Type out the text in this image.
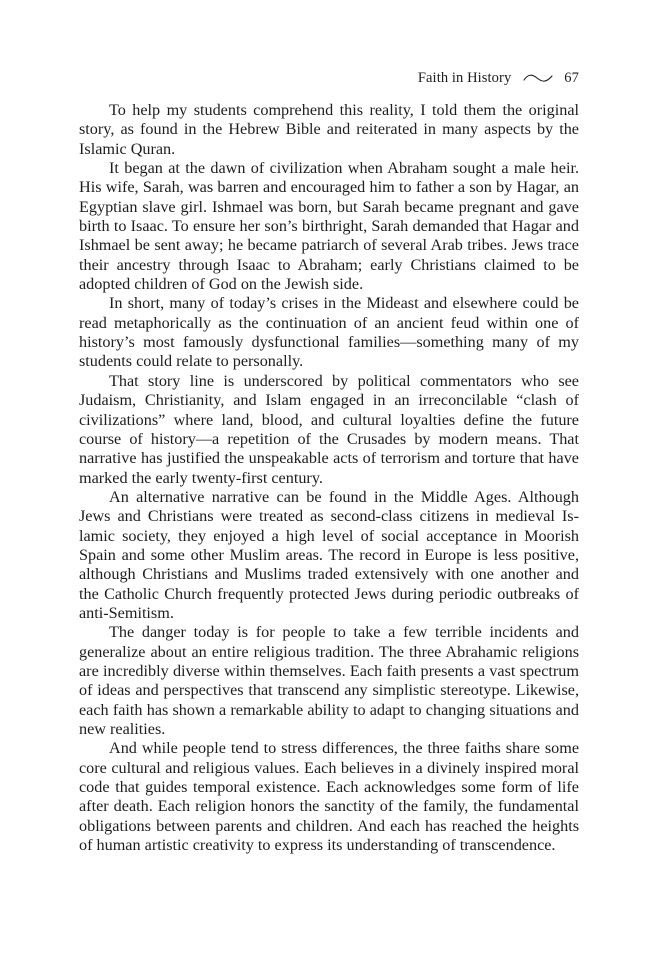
Faith in History	67

To help my students comprehend this reality, I told them the original story, as found in the Hebrew Bible and reiterated in many aspects by the Islamic Quran.

It began at the dawn of civilization when Abraham sought a male heir. His wife, Sarah, was barren and encouraged him to father a son by Hagar, an Egyptian slave girl. Ishmael was born, but Sarah became pregnant and gave birth to Isaac. To ensure her son’s birthright, Sarah demanded that Hagar and Ishmael be sent away; he became patriarch of several Arab tribes. Jews trace their ancestry through Isaac to Abraham; early Christians claimed to be adopted children of God on the Jewish side.

In short, many of today’s crises in the Mideast and elsewhere could be read metaphorically as the continuation of an ancient feud within one of history’s most famously dysfunctional families—something many of my students could relate to personally.

That story line is underscored by political commentators who see Judaism, Christianity, and Islam engaged in an irreconcilable “clash of civilizations” where land, blood, and cultural loyalties define the future course of history—a repetition of the Crusades by modern means. That narrative has justified the unspeakable acts of terrorism and torture that have marked the early twenty-first century.

An alternative narrative can be found in the Middle Ages. Although Jews and Christians were treated as second-class citizens in medieval Islamic society, they enjoyed a high level of social acceptance in Moorish Spain and some other Muslim areas. The record in Europe is less positive, although Christians and Muslims traded extensively with one another and the Catholic Church frequently protected Jews during periodic outbreaks of anti-Semitism.

The danger today is for people to take a few terrible incidents and generalize about an entire religious tradition. The three Abrahamic religions are incredibly diverse within themselves. Each faith presents a vast spectrum of ideas and perspectives that transcend any simplistic stereotype. Likewise, each faith has shown a remarkable ability to adapt to changing situations and new realities.

And while people tend to stress differences, the three faiths share some core cultural and religious values. Each believes in a divinely inspired moral code that guides temporal existence. Each acknowledges some form of life after death. Each religion honors the sanctity of the family, the fundamental obligations between parents and children. And each has reached the heights of human artistic creativity to express its understanding of transcendence.
